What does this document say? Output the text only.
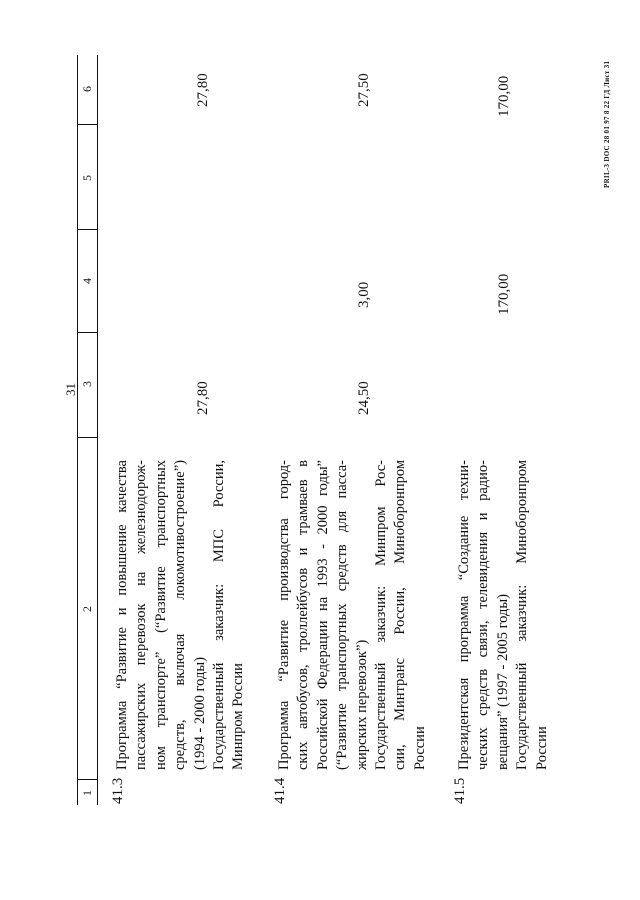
31
1
2
3
4
5
6
41.3
Программа “Развитие и повышение качества пассажирских перевозок на железнодорож- ном транспорте” (“Развитие транспортных средств, включая локомотивостроение”) (1994 - 2000 годы) Государственный заказчик: МПС России, Минпром России
27,80
27,80
41.4
Программа “Развитие производства город- ских автобусов, троллейбусов и трамваев в Российской Федерации на 1993 - 2000 годы” (“Развитие транспортных средств для пасса- жирских перевозок”) Государственный заказчик: Минпром Рос- сии, Минтранс России, Миноборонпром России
24,50
3,00
27,50
41.5
Президентская программа “Создание техни- ческих средств связи, телевидения и радио- вещания” (1997 - 2005 годы) Государственный заказчик: Миноборонпром России
170,00
170,00	PRIL-3 DOC 28 01 97 8 22 ГД Лист 31
